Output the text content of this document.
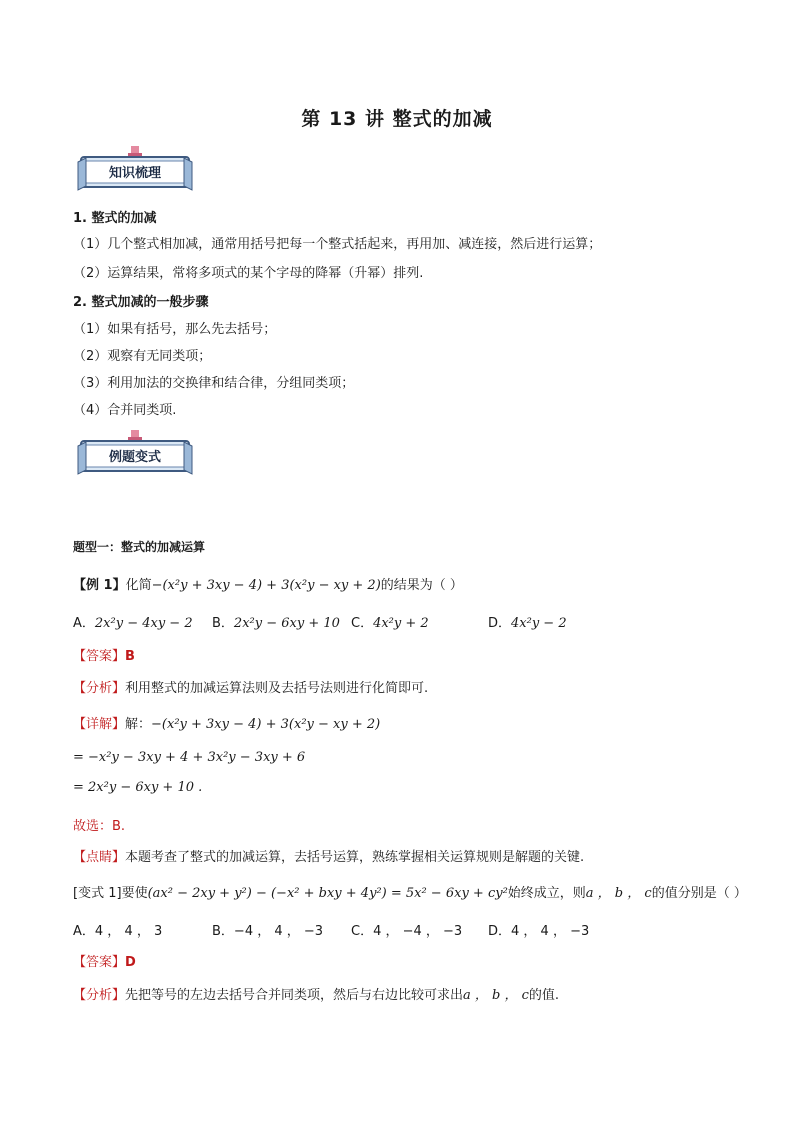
第 13 讲 整式的加减
知识梳理
1. 整式的加减
（1）几个整式相加减，通常用括号把每一个整式括起来，再用加、减连接，然后进行运算；
（2）运算结果，常将多项式的某个字母的降幂（升幂）排列.
2. 整式加减的一般步骤
（1）如果有括号，那么先去括号；
（2）观察有无同类项；
（3）利用加法的交换律和结合律，分组同类项；
（4）合并同类项.
例题变式
题型一：整式的加减运算
【例 1】化简−(x²y + 3xy − 4) + 3(x²y − xy + 2)的结果为（ ）
A．2x²y − 4xy − 2 B．2x²y − 6xy + 10 C．4x²y + 2	D．4x²y − 2
【答案】B
【分析】利用整式的加减运算法则及去括号法则进行化简即可.
【详解】解：−(x²y + 3xy − 4) + 3(x²y − xy + 2)
= −x²y − 3xy + 4 + 3x²y − 3xy + 6
= 2x²y − 6xy + 10 .
故选：B.
【点睛】本题考查了整式的加减运算，去括号运算，熟练掌握相关运算规则是解题的关键.
[变式 1]要使(ax² − 2xy + y²) − (−x² + bxy + 4y²) = 5x² − 6xy + cy²始终成立，则a ， b ， c的值分别是（ ）
A．4 ， 4 ， 3	B．−4 ， 4 ， −3 C．4 ， −4 ， −3 D．4 ， 4 ， −3
【答案】D
【分析】先把等号的左边去括号合并同类项，然后与右边比较可求出a ， b ， c的值.
